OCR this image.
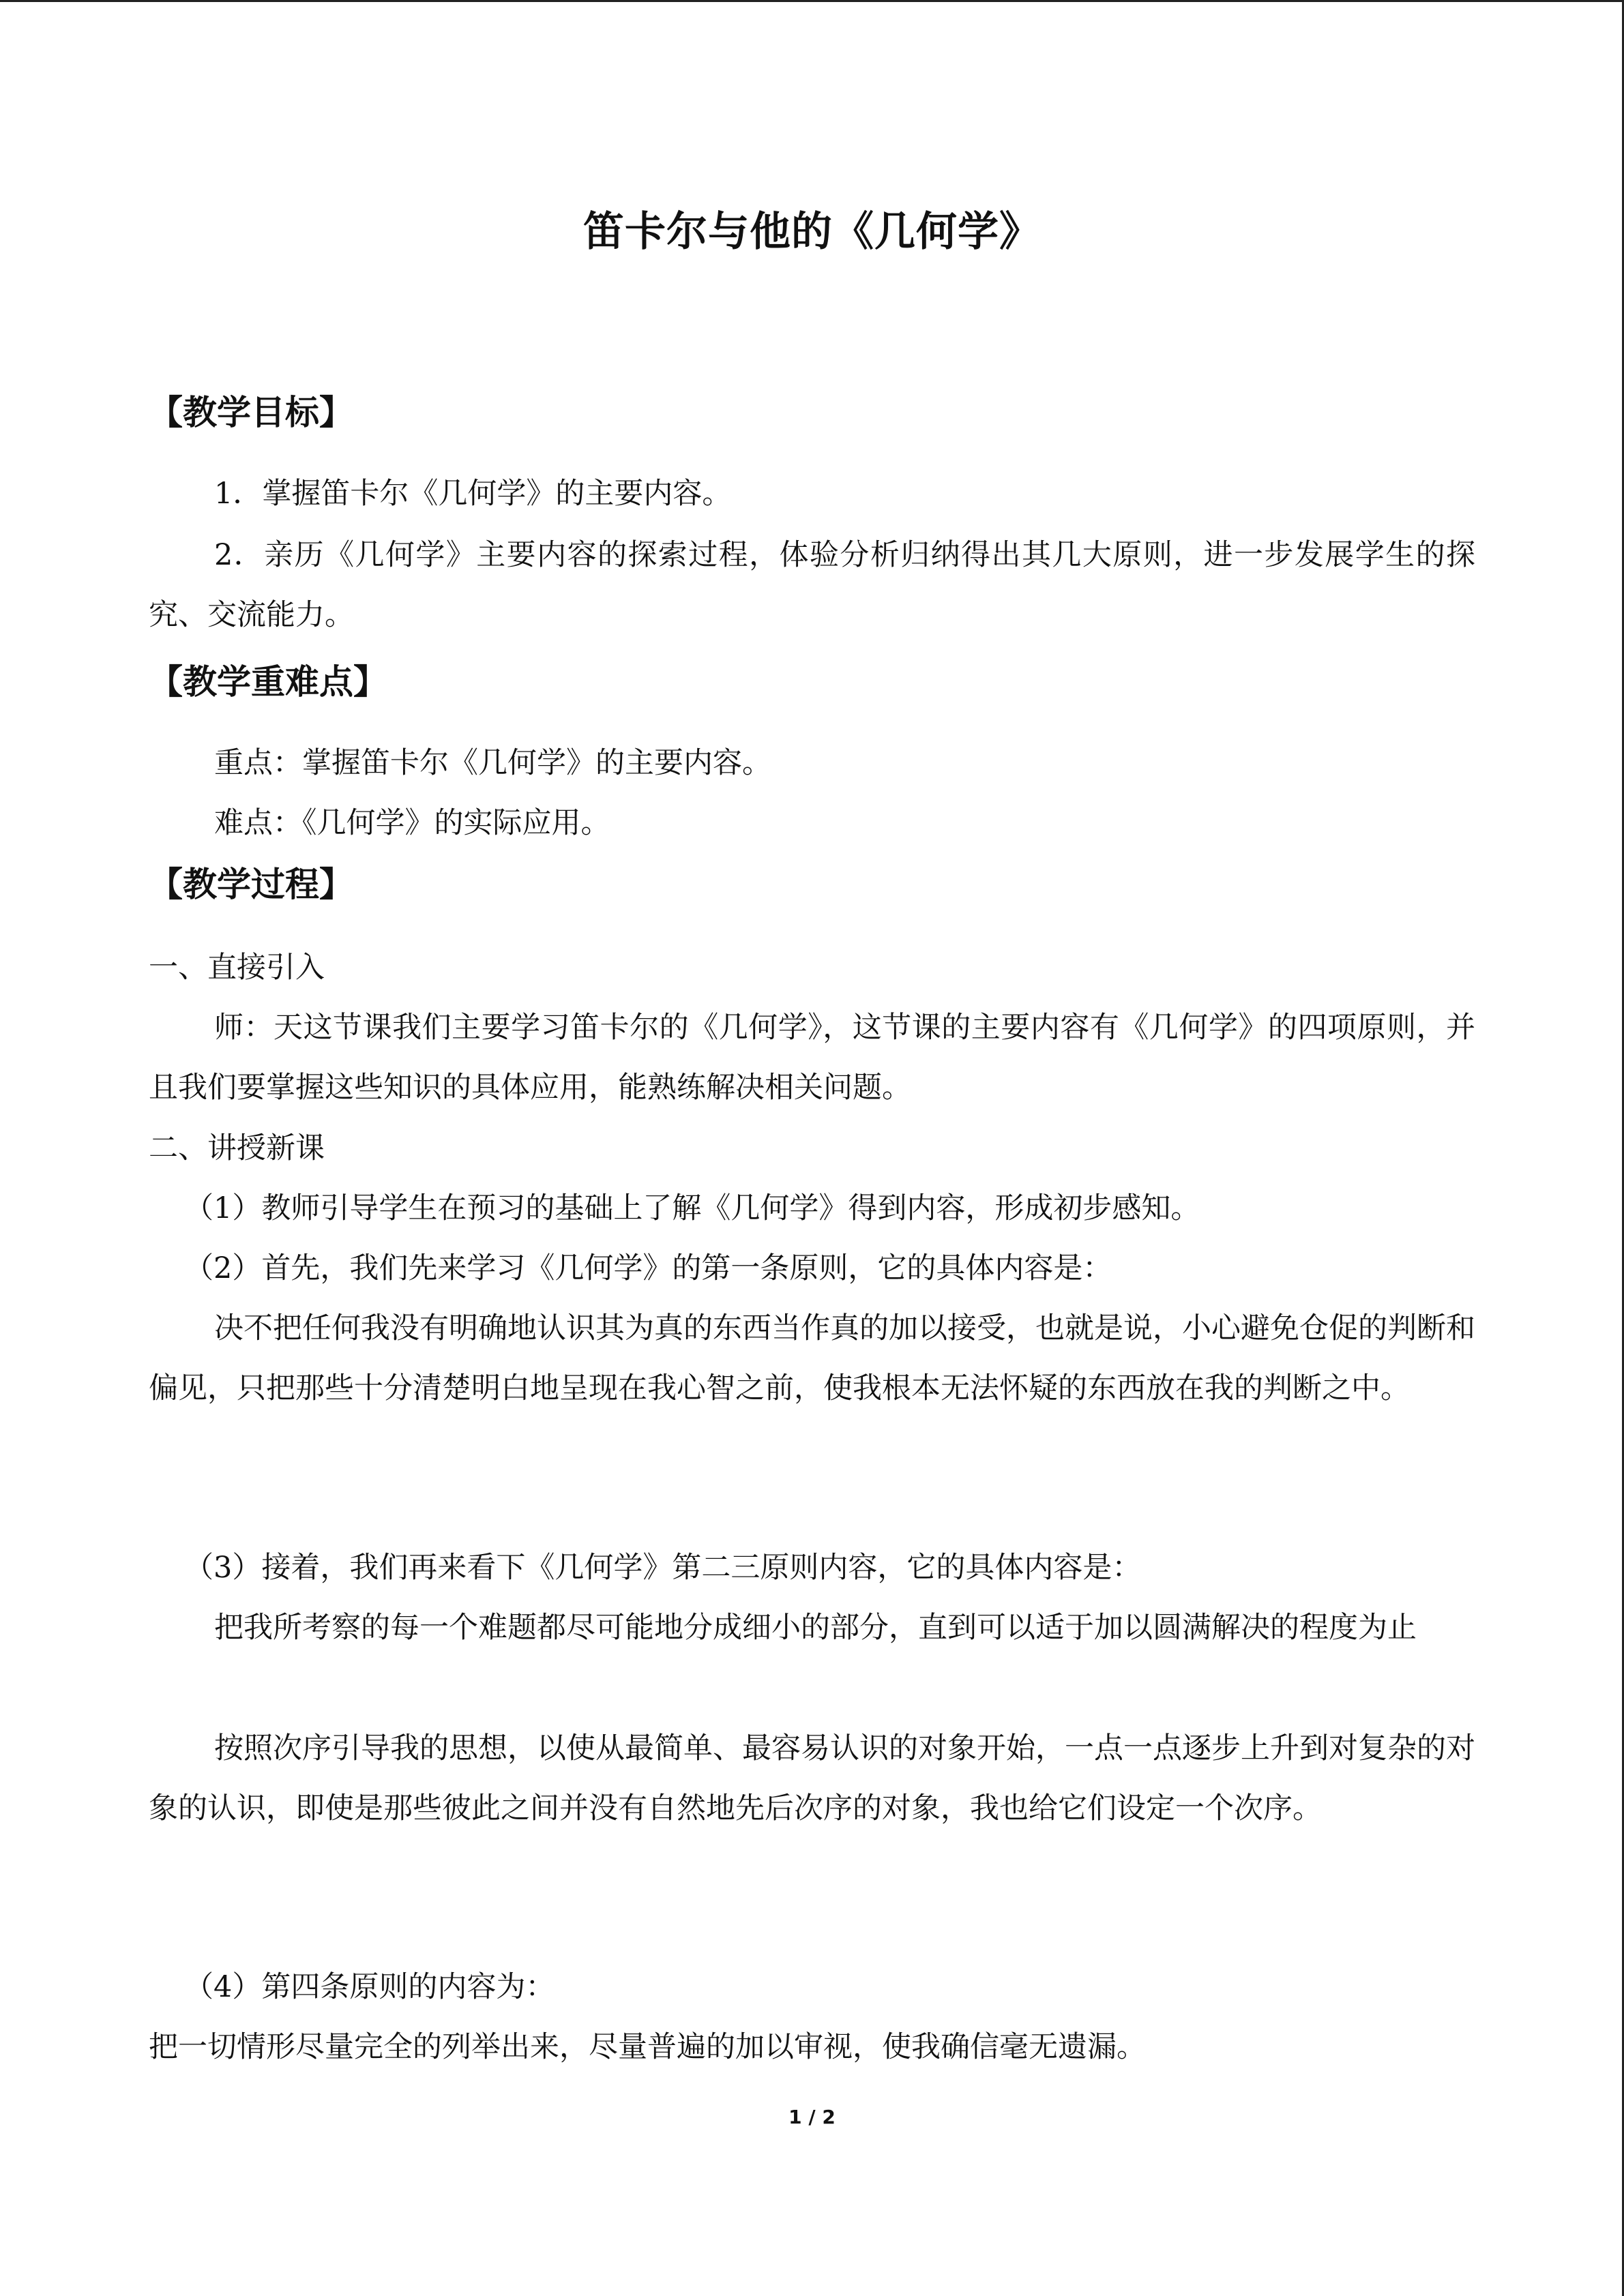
笛卡尔与他的《几何学》
【教学目标】
1．掌握笛卡尔《几何学》的主要内容。
2．亲历《几何学》主要内容的探索过程，体验分析归纳得出其几大原则，进一步发展学生的探究、交流能力。
【教学重难点】
重点：掌握笛卡尔《几何学》的主要内容。
难点：《几何学》的实际应用。
【教学过程】
一、直接引入
师：天这节课我们主要学习笛卡尔的《几何学》，这节课的主要内容有《几何学》的四项原则，并且我们要掌握这些知识的具体应用，能熟练解决相关问题。
二、讲授新课
（1）教师引导学生在预习的基础上了解《几何学》得到内容，形成初步感知。
（2）首先，我们先来学习《几何学》的第一条原则，它的具体内容是：
决不把任何我没有明确地认识其为真的东西当作真的加以接受，也就是说，小心避免仓促的判断和偏见，只把那些十分清楚明白地呈现在我心智之前，使我根本无法怀疑的东西放在我的判断之中。
（3）接着，我们再来看下《几何学》第二三原则内容，它的具体内容是：
把我所考察的每一个难题都尽可能地分成细小的部分，直到可以适于加以圆满解决的程度为止
按照次序引导我的思想，以使从最简单、最容易认识的对象开始，一点一点逐步上升到对复杂的对象的认识，即使是那些彼此之间并没有自然地先后次序的对象，我也给它们设定一个次序。
（4）第四条原则的内容为：
把一切情形尽量完全的列举出来，尽量普遍的加以审视，使我确信毫无遗漏。
1 / 2
